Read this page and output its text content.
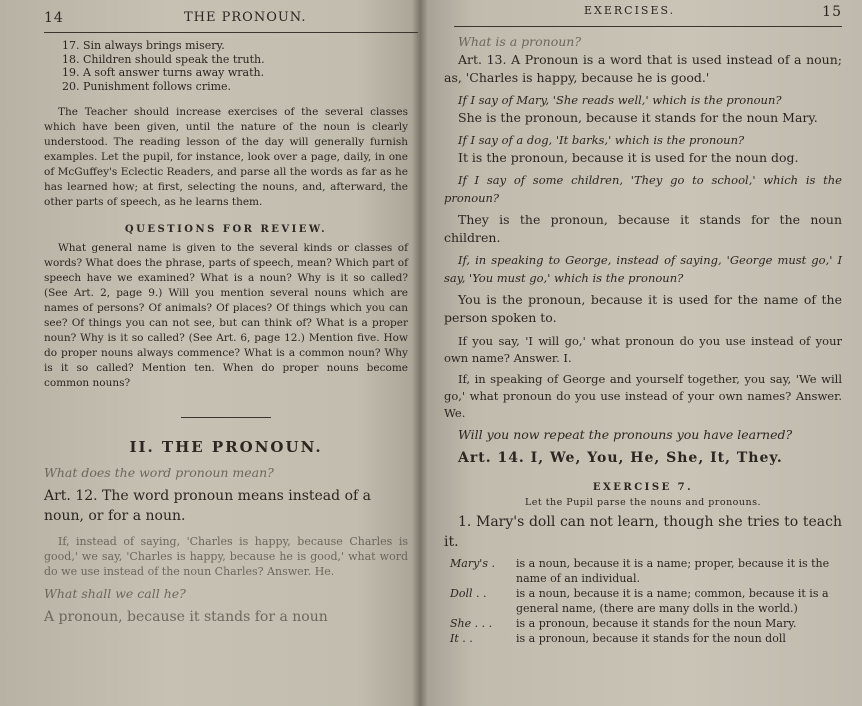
14	THE PRONOUN.
17. Sin always brings misery.
18. Children should speak the truth.
19. A soft answer turns away wrath.
20. Punishment follows crime.

The Teacher should increase exercises of the several classes which have been given, until the nature of the noun is clearly understood. The reading lesson of the day will generally furnish examples. Let the pupil, for instance, look over a page, daily, in one of McGuffey's Eclectic Readers, and parse all the words as far as he has learned how; at first, selecting the nouns, and, afterward, the other parts of speech, as he learns them.

QUESTIONS FOR REVIEW.

What general name is given to the several kinds or classes of words? What does the phrase, parts of speech, mean? Which part of speech have we examined? What is a noun? Why is it so called? (See Art. 2, page 9.) Will you mention several nouns which are names of persons? Of animals? Of places? Of things which you can see? Of things you can not see, but can think of? What is a proper noun? Why is it so called? (See Art. 6, page 12.) Mention five. How do proper nouns always commence? What is a common noun? Why is it so called? Mention ten. When do proper nouns become common nouns?

II. THE PRONOUN.

What does the word pronoun mean?

Art. 12. The word pronoun means instead of a noun, or for a noun.

If, instead of saying, 'Charles is happy, because Charles is good,' we say, 'Charles is happy, because he is good,' what word do we use instead of the noun Charles? Answer. He.

What shall we call he?

A pronoun, because it stands for a noun

EXERCISES.	15

What is a pronoun?

Art. 13. A Pronoun is a word that is used instead of a noun; as, 'Charles is happy, because he is good.'

If I say of Mary, 'She reads well,' which is the pronoun?

She is the pronoun, because it stands for the noun Mary.

If I say of a dog, 'It barks,' which is the pronoun?

It is the pronoun, because it is used for the noun dog.

If I say of some children, 'They go to school,' which is the pronoun?

They is the pronoun, because it stands for the noun children.

If, in speaking to George, instead of saying, 'George must go,' I say, 'You must go,' which is the pronoun?

You is the pronoun, because it is used for the name of the person spoken to.

If you say, 'I will go,' what pronoun do you use instead of your own name? Answer. I.

If, in speaking of George and yourself together, you say, 'We will go,' what pronoun do you use instead of your own names? Answer. We.

Will you now repeat the pronouns you have learned?

Art. 14. I, We, You, He, She, It, They.

EXERCISE 7.

Let the Pupil parse the nouns and pronouns.

1. Mary's doll can not learn, though she tries to teach it.

Mary's .	is a noun, because it is a name; proper, because it is the name of an individual.
Doll . .	is a noun, because it is a name; common, because it is a general name, (there are many dolls in the world.)
She . . .	is a pronoun, because it stands for the noun Mary.
It . .	is a pronoun, because it stands for the noun doll
